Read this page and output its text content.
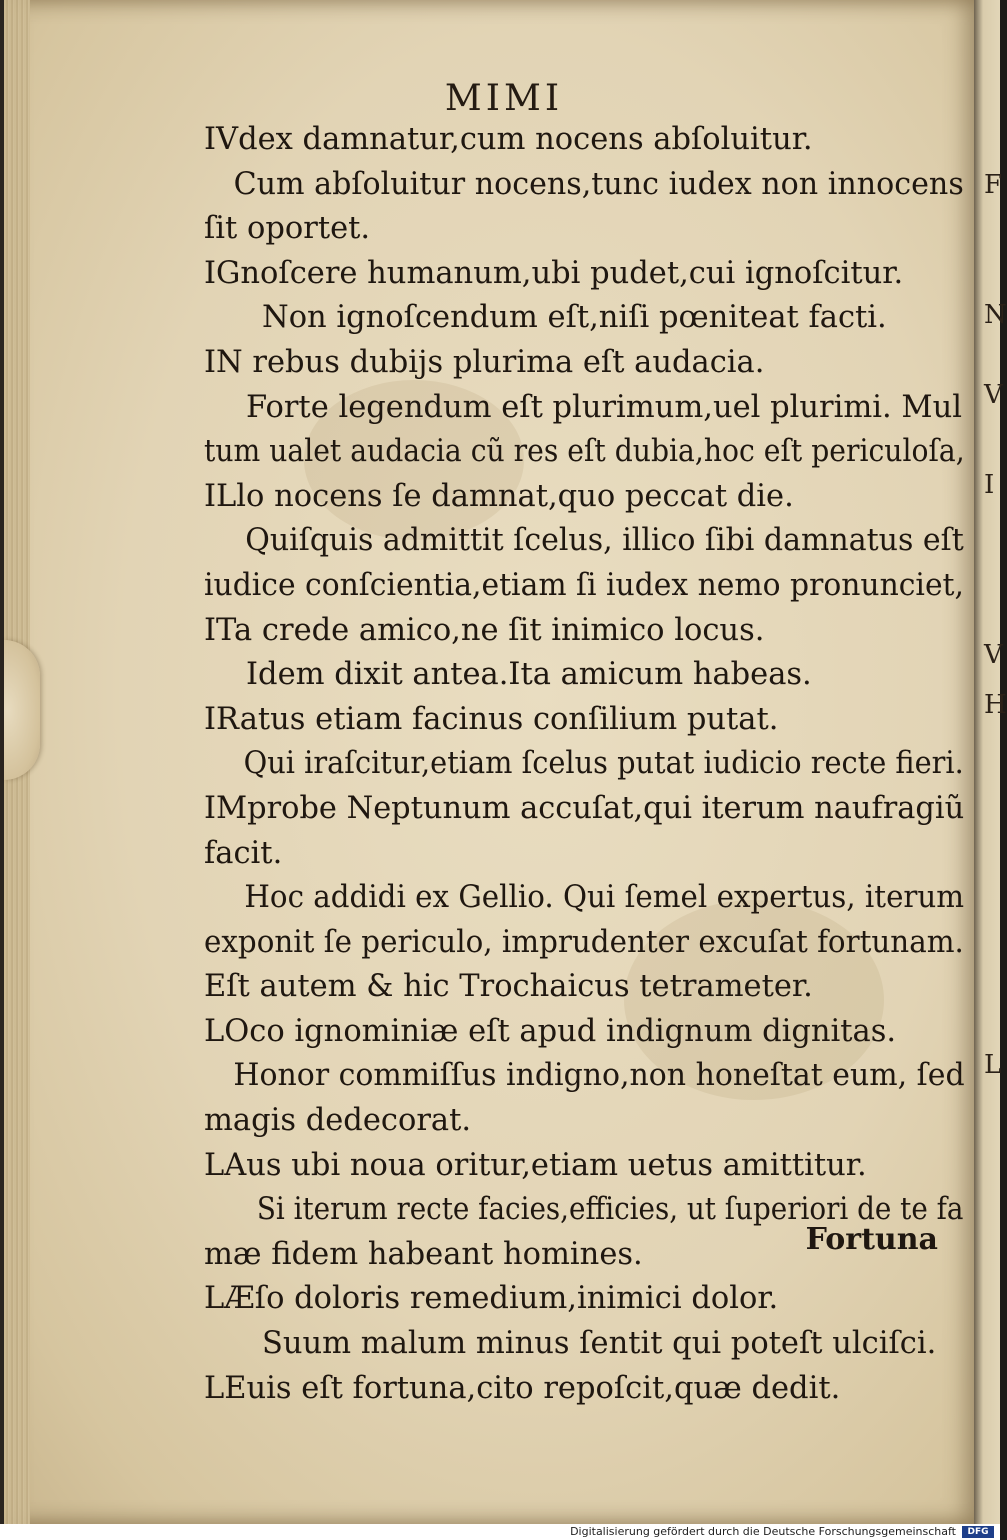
MIMI
IVdex damnatur,cum nocens abſoluitur.
Cum abſoluitur nocens,tunc iudex non innocens
ſit oportet.
IGnoſcere humanum,ubi pudet,cui ignoſcitur.
Non ignoſcendum eſt,niſi pœniteat facti.
IN rebus dubijs plurima eſt audacia.
Forte legendum eſt plurimum,uel plurimi. Mul
tum ualet audacia cũ res eſt dubia,hoc eſt periculoſa,
ILlo nocens ſe damnat,quo peccat die.
Quiſquis admittit ſcelus, illico ſibi damnatus eſt
iudice conſcientia,etiam ſi iudex nemo pronunciet,
ITa crede amico,ne ſit inimico locus.
Idem dixit antea.Ita amicum habeas.
IRatus etiam facinus conſilium putat.
Qui iraſcitur,etiam ſcelus putat iudicio recte fieri.
IMprobe Neptunum accuſat,qui iterum naufragiũ
facit.
Hoc addidi ex Gellio. Qui ſemel expertus, iterum
exponit ſe periculo, imprudenter excuſat fortunam.
Eſt autem & hic Trochaicus tetrameter.
LOco ignominiæ eſt apud indignum dignitas.
Honor commiſſus indigno,non honeſtat eum, ſed
magis dedecorat.
LAus ubi noua oritur,etiam uetus amittitur.
Si iterum recte facies,efficies, ut ſuperiori de te fa
mæ fidem habeant homines.
LÆſo doloris remedium,inimici dolor.
Suum malum minus ſentit qui poteſt ulciſci.
LEuis eſt fortuna,cito repoſcit,quæ dedit.
Fortuna
F
N
V
I
V
H
L
Digitalisierung gefördert durch die Deutsche Forschungsgemeinschaft	DFG
